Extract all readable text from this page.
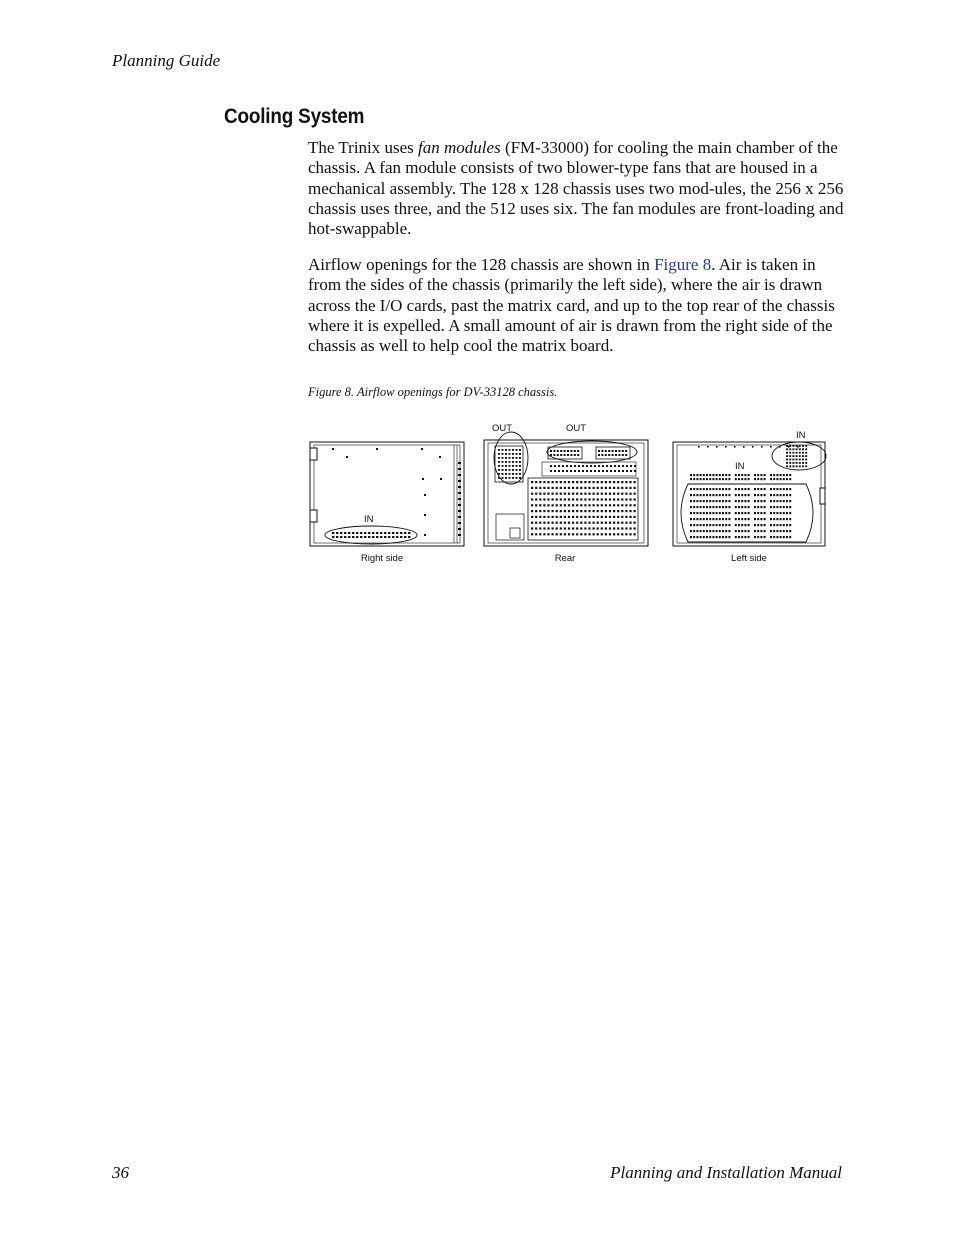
Planning Guide
Cooling System

The Trinix uses fan modules (FM-33000) for cooling the main chamber of the chassis. A fan module consists of two blower-type fans that are housed in a mechanical assembly. The 128 x 128 chassis uses two mod-ules, the 256 x 256 chassis uses three, and the 512 uses six. The fan modules are front-loading and hot-swappable.

Airflow openings for the 128 chassis are shown in Figure 8. Air is taken in from the sides of the chassis (primarily the left side), where the air is drawn across the I/O cards, past the matrix card, and up to the top rear of the chassis where it is expelled. A small amount of air is drawn from the right side of the chassis as well to help cool the matrix board.

Figure 8. Airflow openings for DV-33128 chassis.
IN
Right side
OUT	OUT
Rear
IN
IN
Left side
36	Planning and Installation Manual
